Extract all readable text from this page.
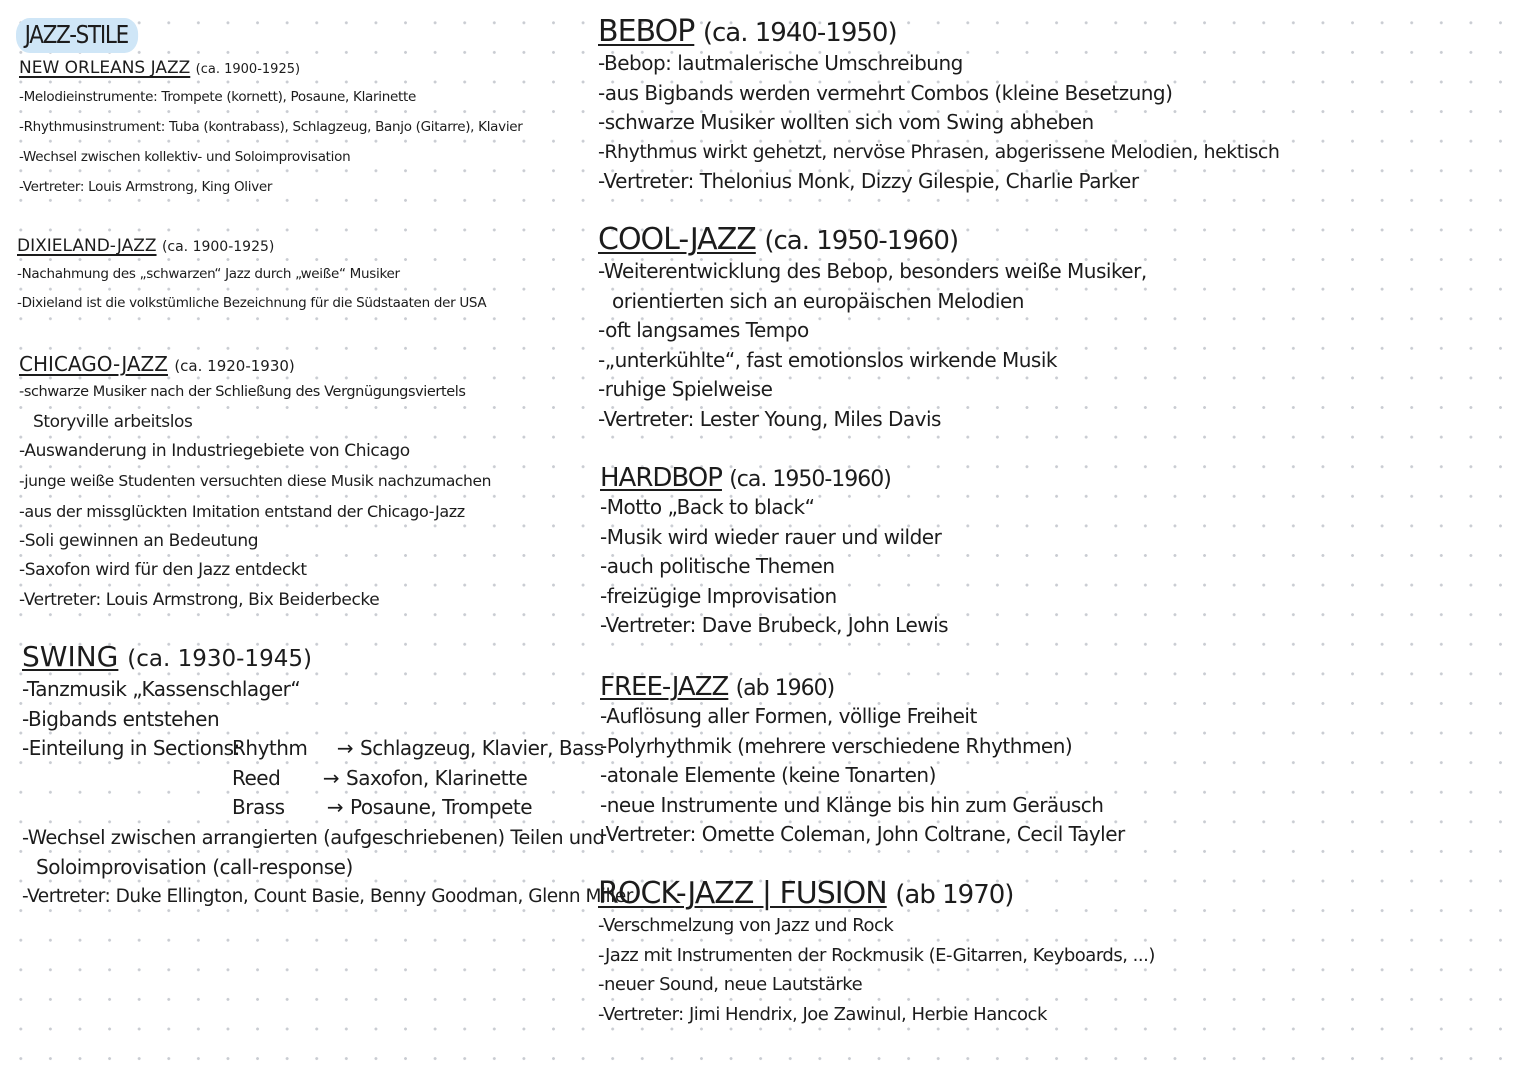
JAZZ-STILE
NEW ORLEANS JAZZ (ca. 1900-1925)
-Melodieinstrumente: Trompete (kornett), Posaune, Klarinette
-Rhythmusinstrument: Tuba (kontrabass), Schlagzeug, Banjo (Gitarre), Klavier
-Wechsel zwischen kollektiv- und Soloimprovisation
-Vertreter: Louis Armstrong, King Oliver
DIXIELAND-JAZZ (ca. 1900-1925)
-Nachahmung des „schwarzen“ Jazz durch „weiße“ Musiker
-Dixieland ist die volkstümliche Bezeichnung für die Südstaaten der USA
CHICAGO-JAZZ (ca. 1920-1930)
-schwarze Musiker nach der Schließung des Vergnügungsviertels
Storyville arbeitslos
-Auswanderung in Industriegebiete von Chicago
-junge weiße Studenten versuchten diese Musik nachzumachen
-aus der missglückten Imitation entstand der Chicago-Jazz
-Soli gewinnen an Bedeutung
-Saxofon wird für den Jazz entdeckt
-Vertreter: Louis Armstrong, Bix Beiderbecke
SWING (ca. 1930-1945)
-Tanzmusik „Kassenschlager“
-Bigbands entstehen
-Einteilung in Sections:Rhythm → Schlagzeug, Klavier, Bass
Reed → Saxofon, Klarinette
Brass → Posaune, Trompete
-Wechsel zwischen arrangierten (aufgeschriebenen) Teilen und
Soloimprovisation (call-response)
-Vertreter: Duke Ellington, Count Basie, Benny Goodman, Glenn Miller
BEBOP (ca. 1940-1950)
-Bebop: lautmalerische Umschreibung
-aus Bigbands werden vermehrt Combos (kleine Besetzung)
-schwarze Musiker wollten sich vom Swing abheben
-Rhythmus wirkt gehetzt, nervöse Phrasen, abgerissene Melodien, hektisch
-Vertreter: Thelonius Monk, Dizzy Gilespie, Charlie Parker
COOL-JAZZ (ca. 1950-1960)
-Weiterentwicklung des Bebop, besonders weiße Musiker,
orientierten sich an europäischen Melodien
-oft langsames Tempo
-„unterkühlte“, fast emotionslos wirkende Musik
-ruhige Spielweise
-Vertreter: Lester Young, Miles Davis
HARDBOP (ca. 1950-1960)
-Motto „Back to black“
-Musik wird wieder rauer und wilder
-auch politische Themen
-freizügige Improvisation
-Vertreter: Dave Brubeck, John Lewis
FREE-JAZZ (ab 1960)
-Auflösung aller Formen, völlige Freiheit
-Polyrhythmik (mehrere verschiedene Rhythmen)
-atonale Elemente (keine Tonarten)
-neue Instrumente und Klänge bis hin zum Geräusch
-Vertreter: Omette Coleman, John Coltrane, Cecil Tayler
ROCK-JAZZ | FUSION (ab 1970)
-Verschmelzung von Jazz und Rock
-Jazz mit Instrumenten der Rockmusik (E-Gitarren, Keyboards, ...)
-neuer Sound, neue Lautstärke
-Vertreter: Jimi Hendrix, Joe Zawinul, Herbie Hancock
